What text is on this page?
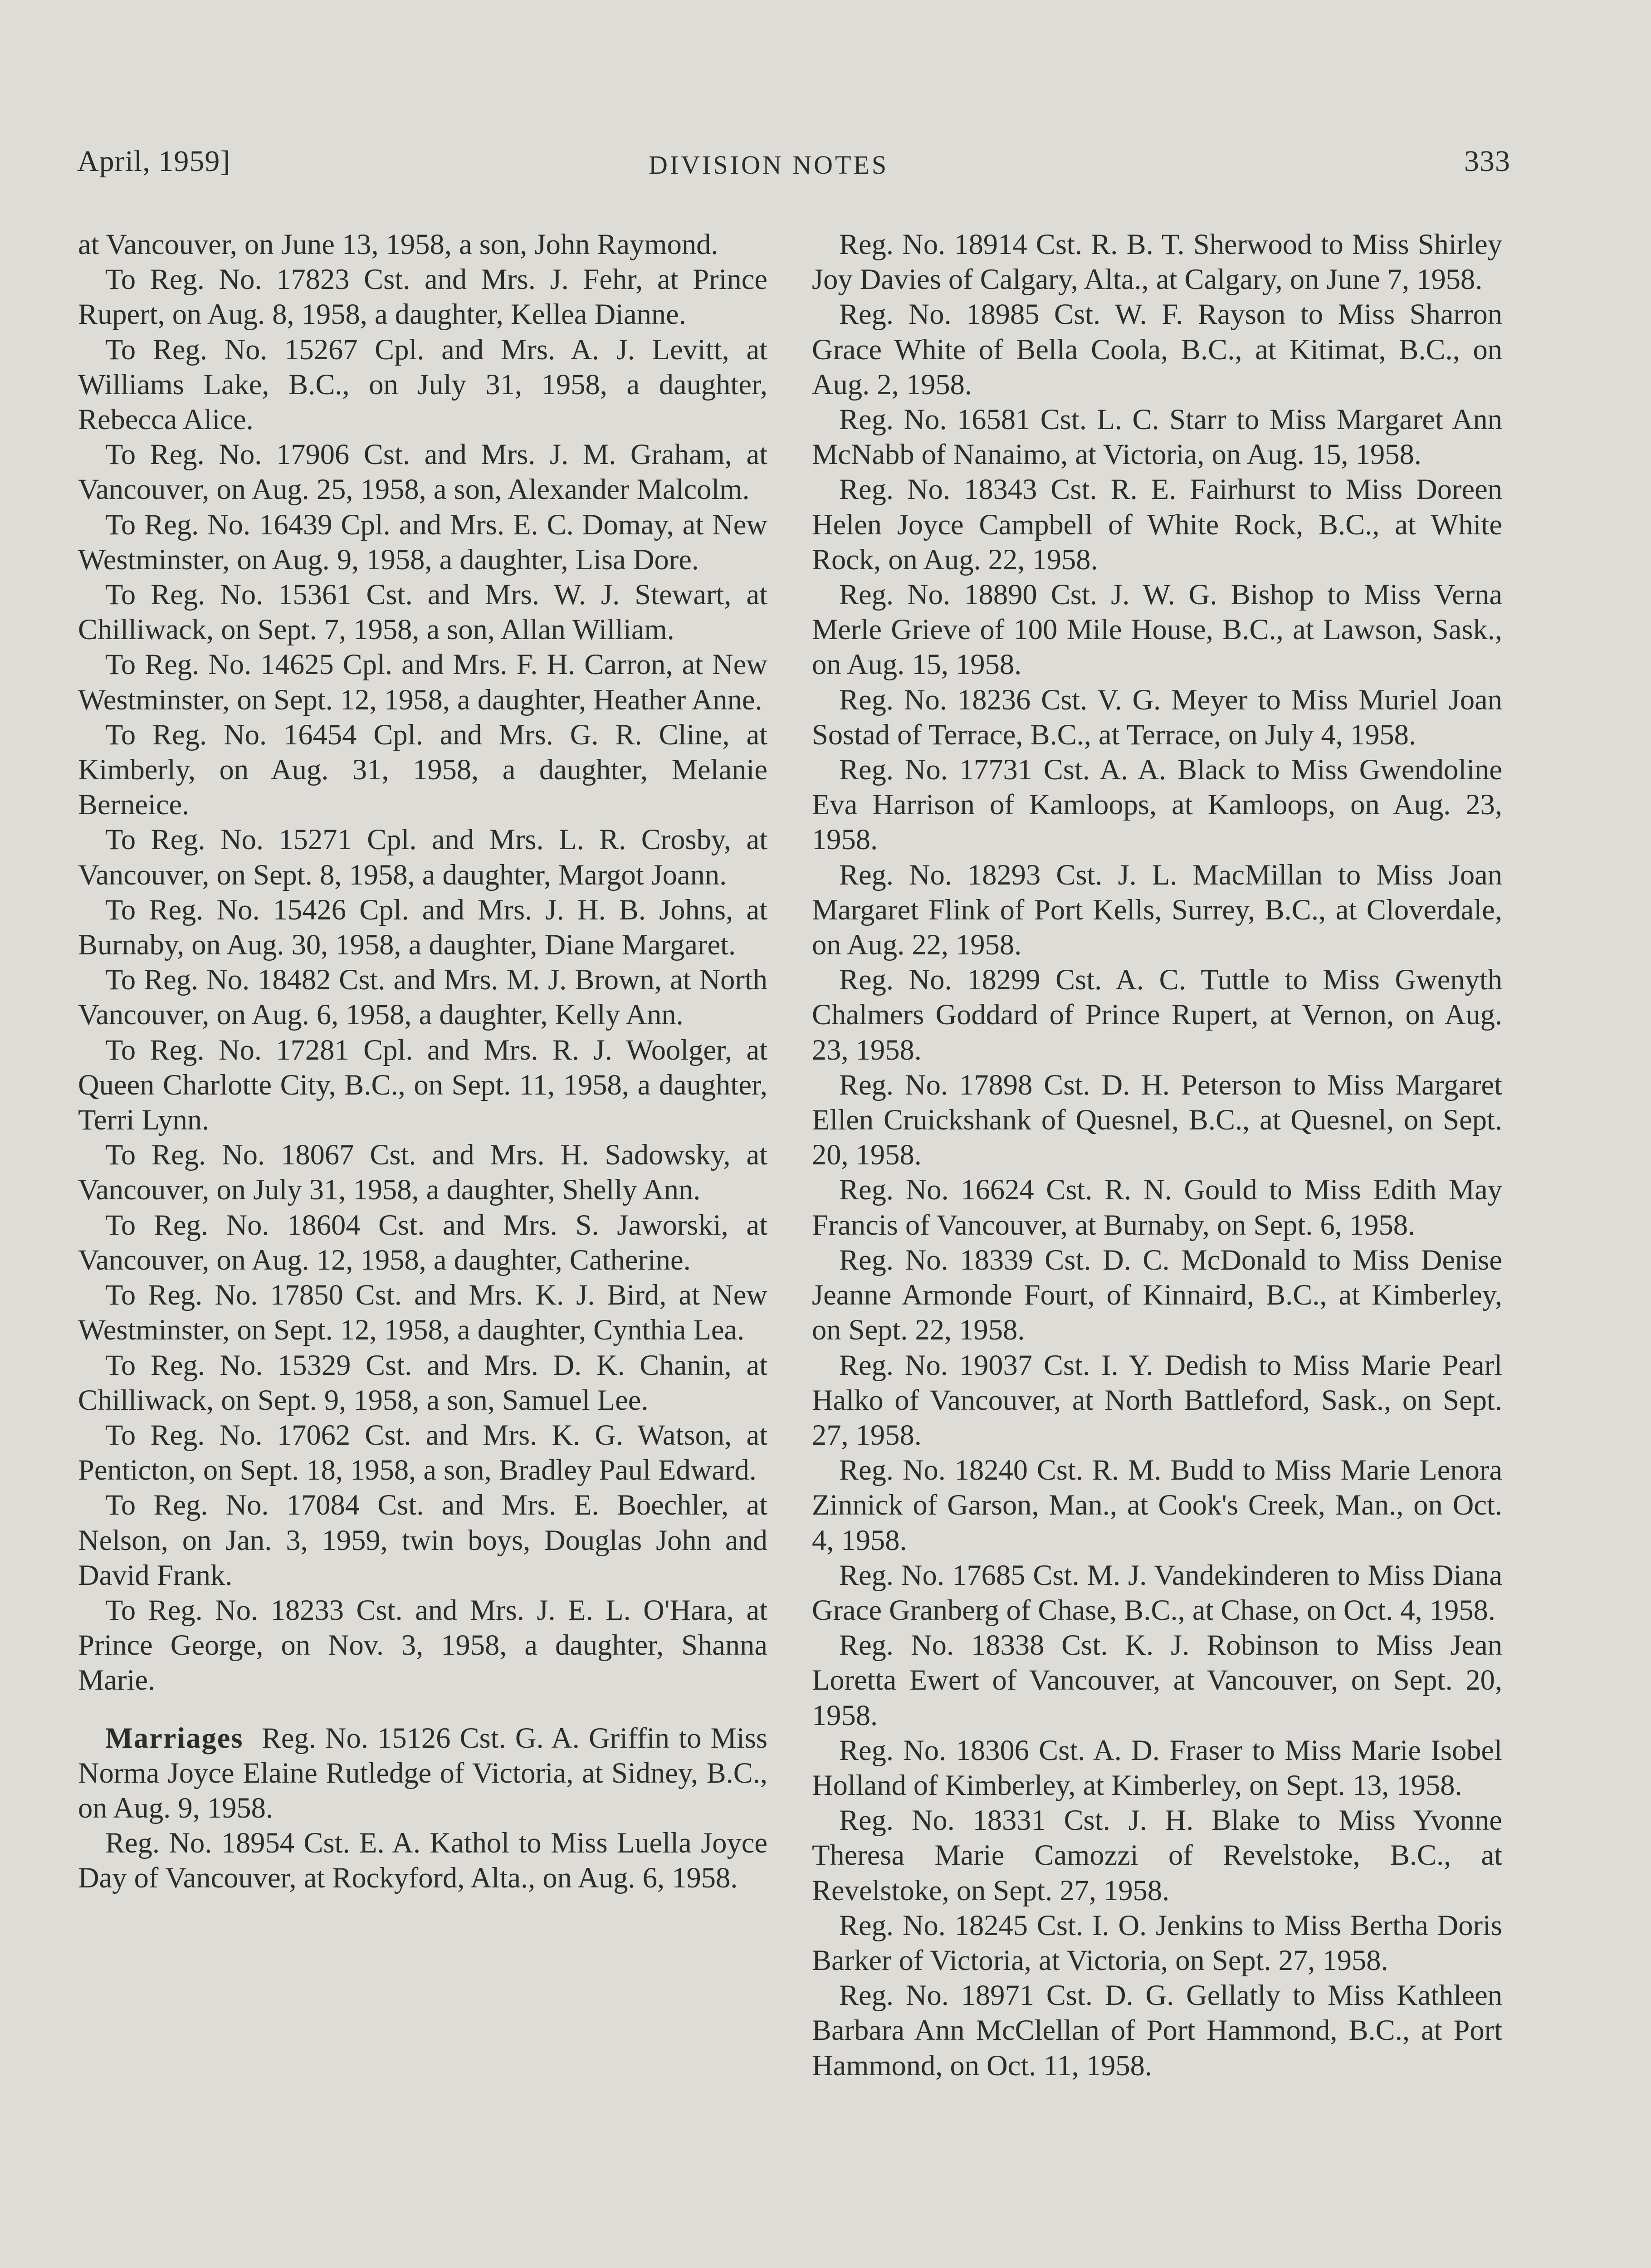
April, 1959]	DIVISION NOTES	333

at Vancouver, on June 13, 1958, a son, John Raymond.

To Reg. No. 17823 Cst. and Mrs. J. Fehr, at Prince Rupert, on Aug. 8, 1958, a daughter, Kellea Dianne.

To Reg. No. 15267 Cpl. and Mrs. A. J. Levitt, at Williams Lake, B.C., on July 31, 1958, a daughter, Rebecca Alice.

To Reg. No. 17906 Cst. and Mrs. J. M. Graham, at Vancouver, on Aug. 25, 1958, a son, Alexander Malcolm.

To Reg. No. 16439 Cpl. and Mrs. E. C. Domay, at New Westminster, on Aug. 9, 1958, a daughter, Lisa Dore.

To Reg. No. 15361 Cst. and Mrs. W. J. Stewart, at Chilliwack, on Sept. 7, 1958, a son, Allan William.

To Reg. No. 14625 Cpl. and Mrs. F. H. Carron, at New Westminster, on Sept. 12, 1958, a daughter, Heather Anne.

To Reg. No. 16454 Cpl. and Mrs. G. R. Cline, at Kimberly, on Aug. 31, 1958, a daughter, Melanie Berneice.

To Reg. No. 15271 Cpl. and Mrs. L. R. Crosby, at Vancouver, on Sept. 8, 1958, a daughter, Margot Joann.

To Reg. No. 15426 Cpl. and Mrs. J. H. B. Johns, at Burnaby, on Aug. 30, 1958, a daughter, Diane Margaret.

To Reg. No. 18482 Cst. and Mrs. M. J. Brown, at North Vancouver, on Aug. 6, 1958, a daughter, Kelly Ann.

To Reg. No. 17281 Cpl. and Mrs. R. J. Woolger, at Queen Charlotte City, B.C., on Sept. 11, 1958, a daughter, Terri Lynn.

To Reg. No. 18067 Cst. and Mrs. H. Sadowsky, at Vancouver, on July 31, 1958, a daughter, Shelly Ann.

To Reg. No. 18604 Cst. and Mrs. S. Jaworski, at Vancouver, on Aug. 12, 1958, a daughter, Catherine.

To Reg. No. 17850 Cst. and Mrs. K. J. Bird, at New Westminster, on Sept. 12, 1958, a daughter, Cynthia Lea.

To Reg. No. 15329 Cst. and Mrs. D. K. Chanin, at Chilliwack, on Sept. 9, 1958, a son, Samuel Lee.

To Reg. No. 17062 Cst. and Mrs. K. G. Watson, at Penticton, on Sept. 18, 1958, a son, Bradley Paul Edward.

To Reg. No. 17084 Cst. and Mrs. E. Boechler, at Nelson, on Jan. 3, 1959, twin boys, Douglas John and David Frank.

To Reg. No. 18233 Cst. and Mrs. J. E. L. O'Hara, at Prince George, on Nov. 3, 1958, a daughter, Shanna Marie.

Marriages Reg. No. 15126 Cst. G. A. Griffin to Miss Norma Joyce Elaine Rutledge of Victoria, at Sidney, B.C., on Aug. 9, 1958.

Reg. No. 18954 Cst. E. A. Kathol to Miss Luella Joyce Day of Vancouver, at Rockyford, Alta., on Aug. 6, 1958.

Reg. No. 18914 Cst. R. B. T. Sherwood to Miss Shirley Joy Davies of Calgary, Alta., at Calgary, on June 7, 1958.

Reg. No. 18985 Cst. W. F. Rayson to Miss Sharron Grace White of Bella Coola, B.C., at Kitimat, B.C., on Aug. 2, 1958.

Reg. No. 16581 Cst. L. C. Starr to Miss Margaret Ann McNabb of Nanaimo, at Victoria, on Aug. 15, 1958.

Reg. No. 18343 Cst. R. E. Fairhurst to Miss Doreen Helen Joyce Campbell of White Rock, B.C., at White Rock, on Aug. 22, 1958.

Reg. No. 18890 Cst. J. W. G. Bishop to Miss Verna Merle Grieve of 100 Mile House, B.C., at Lawson, Sask., on Aug. 15, 1958.

Reg. No. 18236 Cst. V. G. Meyer to Miss Muriel Joan Sostad of Terrace, B.C., at Terrace, on July 4, 1958.

Reg. No. 17731 Cst. A. A. Black to Miss Gwendoline Eva Harrison of Kamloops, at Kamloops, on Aug. 23, 1958.

Reg. No. 18293 Cst. J. L. MacMillan to Miss Joan Margaret Flink of Port Kells, Surrey, B.C., at Cloverdale, on Aug. 22, 1958.

Reg. No. 18299 Cst. A. C. Tuttle to Miss Gwenyth Chalmers Goddard of Prince Rupert, at Vernon, on Aug. 23, 1958.

Reg. No. 17898 Cst. D. H. Peterson to Miss Margaret Ellen Cruickshank of Quesnel, B.C., at Quesnel, on Sept. 20, 1958.

Reg. No. 16624 Cst. R. N. Gould to Miss Edith May Francis of Vancouver, at Burnaby, on Sept. 6, 1958.

Reg. No. 18339 Cst. D. C. McDonald to Miss Denise Jeanne Armonde Fourt, of Kinnaird, B.C., at Kimberley, on Sept. 22, 1958.

Reg. No. 19037 Cst. I. Y. Dedish to Miss Marie Pearl Halko of Vancouver, at North Battleford, Sask., on Sept. 27, 1958.

Reg. No. 18240 Cst. R. M. Budd to Miss Marie Lenora Zinnick of Garson, Man., at Cook's Creek, Man., on Oct. 4, 1958.

Reg. No. 17685 Cst. M. J. Vandekinderen to Miss Diana Grace Granberg of Chase, B.C., at Chase, on Oct. 4, 1958.

Reg. No. 18338 Cst. K. J. Robinson to Miss Jean Loretta Ewert of Vancouver, at Vancouver, on Sept. 20, 1958.

Reg. No. 18306 Cst. A. D. Fraser to Miss Marie Isobel Holland of Kimberley, at Kimberley, on Sept. 13, 1958.

Reg. No. 18331 Cst. J. H. Blake to Miss Yvonne Theresa Marie Camozzi of Revelstoke, B.C., at Revelstoke, on Sept. 27, 1958.

Reg. No. 18245 Cst. I. O. Jenkins to Miss Bertha Doris Barker of Victoria, at Victoria, on Sept. 27, 1958.

Reg. No. 18971 Cst. D. G. Gellatly to Miss Kathleen Barbara Ann McClellan of Port Hammond, B.C., at Port Hammond, on Oct. 11, 1958.
